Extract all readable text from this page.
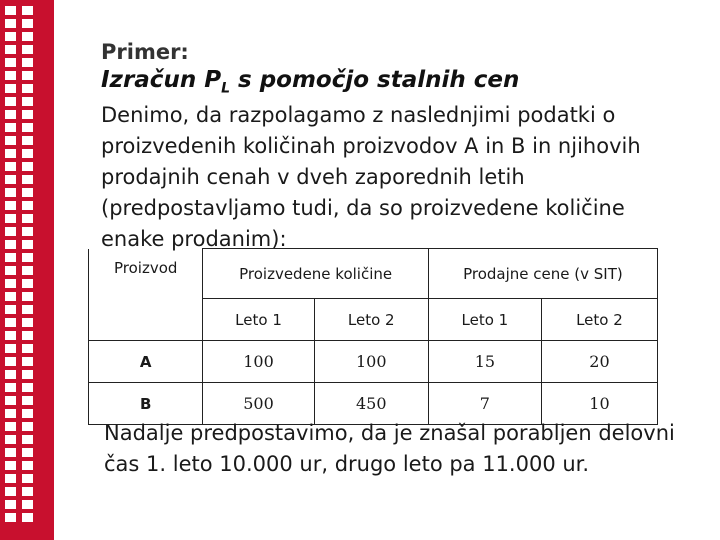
Primer:

Izračun $P_L$ s pomočjo stalnih cen

Denimo, da razpolagamo z naslednjimi podatki o proizvedenih količinah proizvodov A in B in njihovih prodajnih cenah v dveh zaporednih letih (predpostavljamo tudi, da so proizvedene količine enake prodanim):

Proizvod	Proizvedene količine		Prodajne cene (v SIT)	
	Leto 1	Leto 2	Leto 1	Leto 2
A	100	100	15	20
B	500	450	7	10

Nadalje predpostavimo, da je znašal porabljen delovni čas 1. leto 10.000 ur, drugo leto pa 11.000 ur.
